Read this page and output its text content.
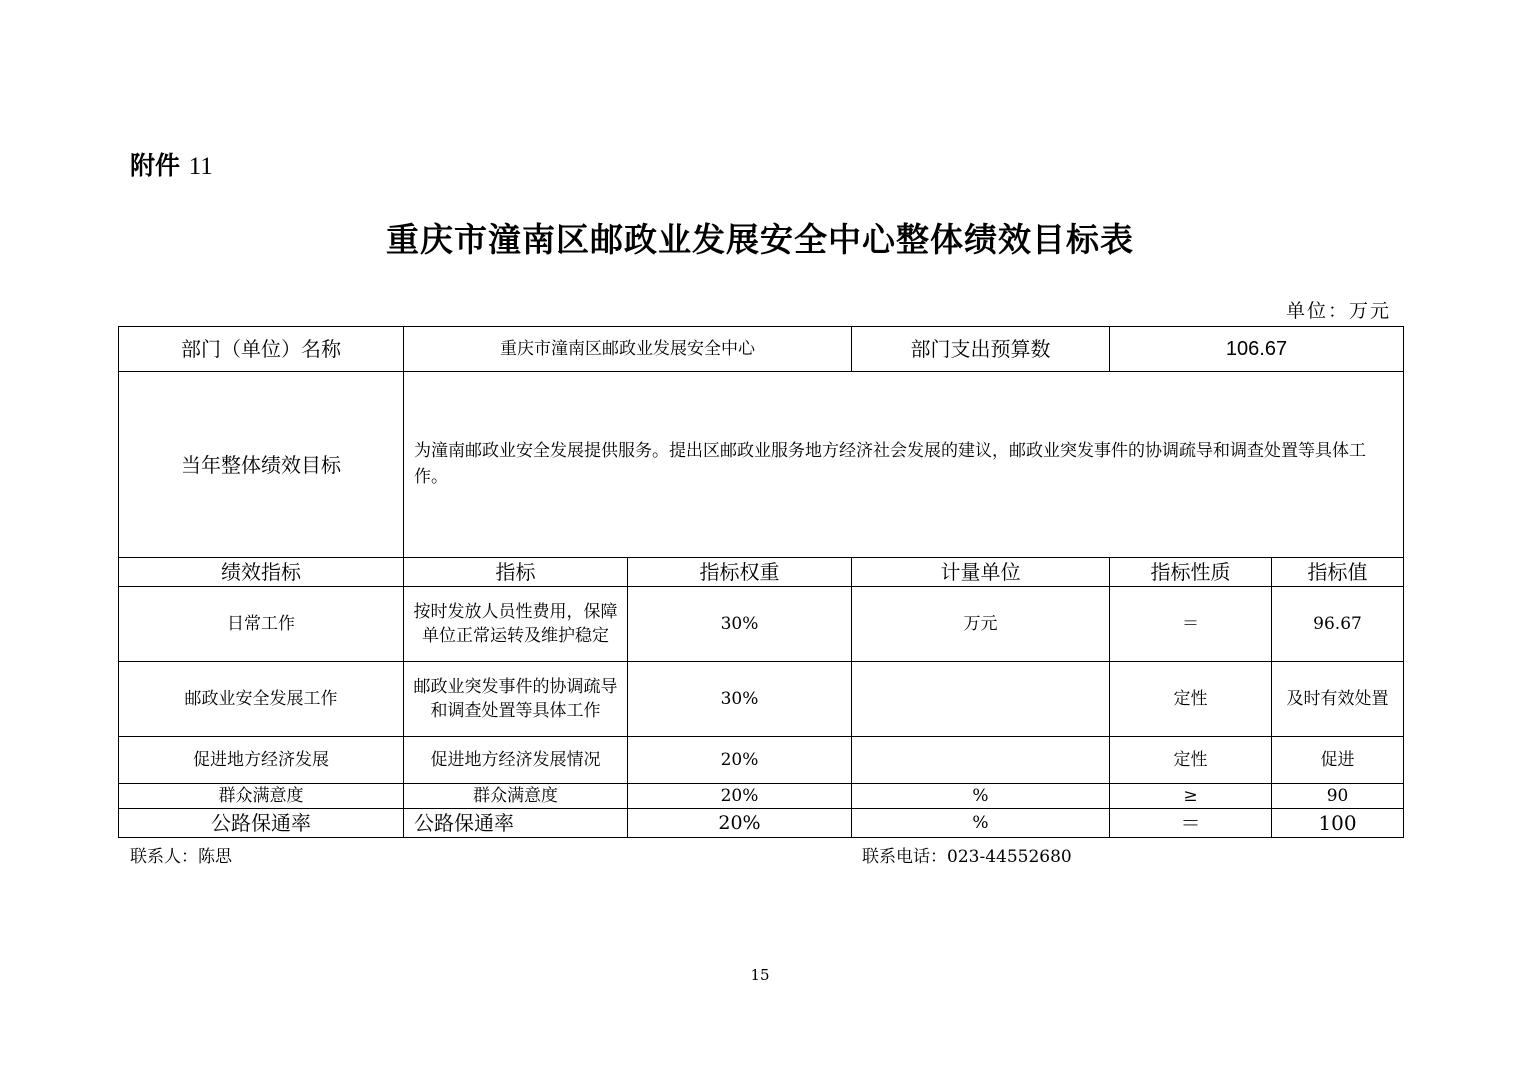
附件 11
重庆市潼南区邮政业发展安全中心整体绩效目标表
单位：万元
部门（单位）名称	重庆市潼南区邮政业发展安全中心		部门支出预算数	106.67	
当年整体绩效目标	为潼南邮政业安全发展提供服务。提出区邮政业服务地方经济社会发展的建议，邮政业突发事件的协调疏导和调查处置等具体工作。				
绩效指标	指标	指标权重	计量单位	指标性质	指标值
日常工作	按时发放人员性费用，保障单位正常运转及维护稳定	30%	万元	＝	96.67
邮政业安全发展工作	邮政业突发事件的协调疏导和调查处置等具体工作	30%		定性	及时有效处置
促进地方经济发展	促进地方经济发展情况	20%		定性	促进
群众满意度	群众满意度	20%	%	≥	90
公路保通率	公路保通率	20%	%	＝	100
联系人：陈思	联系电话：023-44552680
15
